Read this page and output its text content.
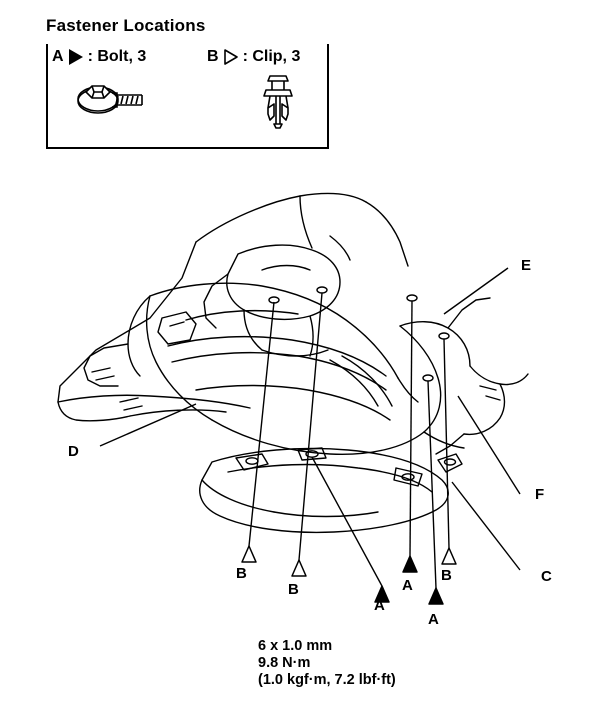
Fastener Locations
A : Bolt, 3	B : Clip, 3
E
D
F
C
B
B
B
A
A
A
6 x 1.0 mm
9.8 N·m
(1.0 kgf·m, 7.2 lbf·ft)
